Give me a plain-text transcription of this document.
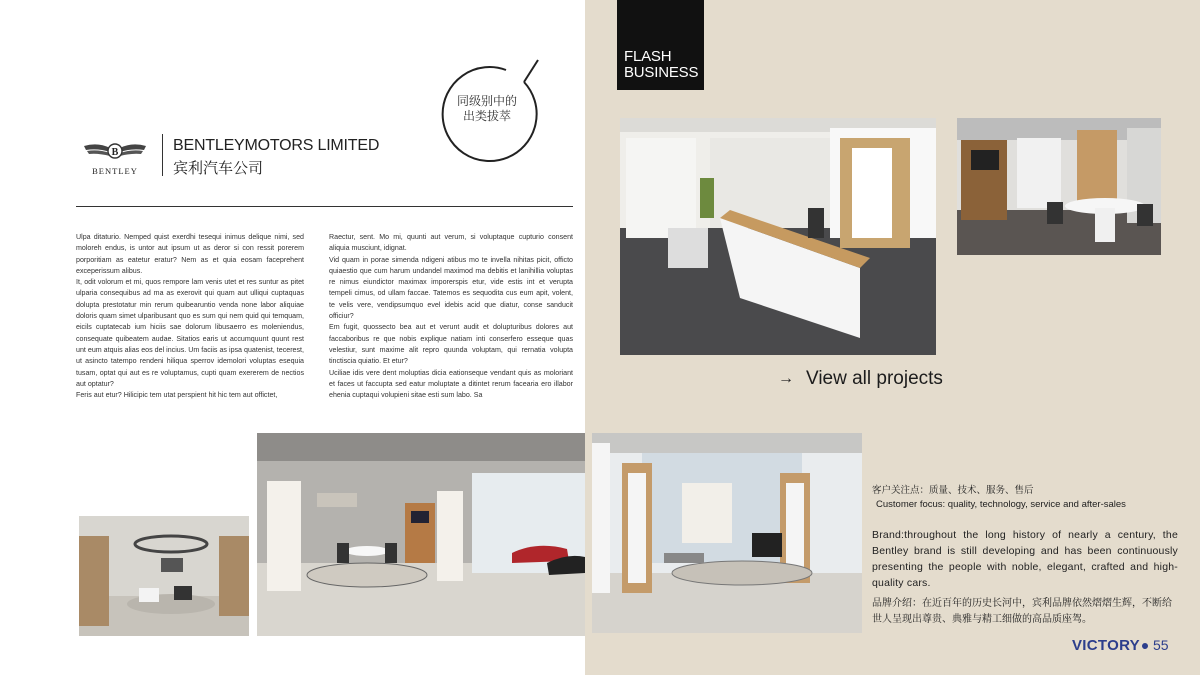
B
BENTLEY
BENTLEYMOTORS LIMITED
宾利汽车公司
同级别中的
出类拔萃

Ulpa ditaturio. Nemped quist exerdhi tesequi inimus delique nimi, sed moloreh endus, is untor aut ipsum ut as deror si con ressit porerem porporitiam as eatetur eratur? Nem as et quia eosam faceprehent exceperissum alibus.

It, odit volorum et mi, quos rempore lam venis utet et res suntur as pitet ulparia consequibus ad ma as exerovit qui quam aut ulliqui cuptaquas dolupta prestotatur min rerum quibearuntio venda none labor aliquiae doloris quam simet ulparibusant quo es sum qui nem quid qui temquam, eicils cuptatecab ium hiciis sae dolorum libusaerro es moleniendus, consequate quibeatem audae. Sitatios earis ut accumquunt quunt rest unt eum atquis alias eos del incius. Um faciis as ipsa quatenist, tecerest, ut asincto tatempo rendeni hiliqua sperrov idemolori voluptas esequia tusam, optat qui aut es re voluptamus, cupti quam exererem de nectios aut optatur?

Feris aut etur? Hilicipic tem utat perspient hit hic tem aut offictet,

Raectur, sent. Mo mi, quunti aut verum, si voluptaque cupturio consent aliquia musciunt, idignat.

Vid quam in porae simenda ndigeni atibus mo te invella nihitas picit, officto quiaestio que cum harum undandel maximod ma debitis et lanihillia voluptas re nimus eiundictor maximax imporerspis etur, vide estis int et verupta tempeli cimus, od ullam faccae. Tatemos es sequodita cus eum apit, volent, te velis vere, vendipsumquo evel idebis acid que diatur, conse sanducit officiur?

Em fugit, quossecto bea aut et verunt audit et dolupturibus dolores aut faccaboribus re que nobis explique natiam inti conserfero esseque quas velestiur, sunt maxime alit repro quunda voluptam, qui rernatia volupta tinctiscia quiatio. Et etur?

Uciliae idis vere dent moluptias dicia eationseque vendant quis as moloriant et faces ut faccupta sed eatur moluptate a ditintet rerum facearia ero illabor ehenia cuptaqui volupieni sitae esti sum labo. Sa

FLASH
BUSINESS
→ View all projects
客户关注点：质量、技术、服务、售后
Customer focus: quality, technology, service and after-sales
Brand:throughout the long history of nearly a century, the Bentley brand is still developing and has been continuously presenting the people with noble, elegant, crafted and high-quality cars.
品牌介绍：在近百年的历史长河中，宾利品牌依然熠熠生辉，不断给世人呈现出尊贵、典雅与精工细做的高品质座驾。
VICTORY 55
